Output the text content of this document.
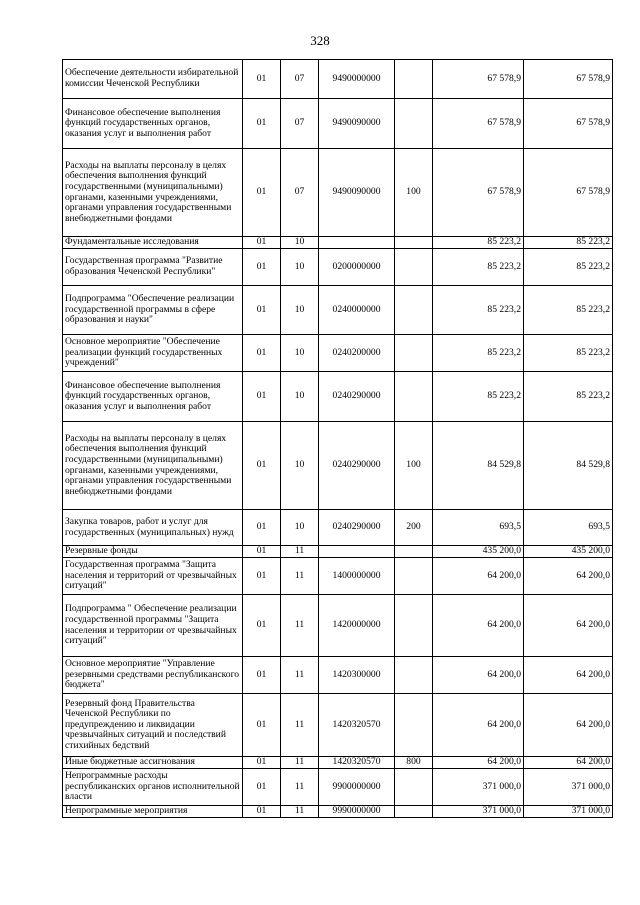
328
Обеспечение деятельности избирательной комиссии Чеченской Республики	01	07	9490000000		67 578,9	67 578,9
Финансовое обеспечение выполнения функций государственных органов, оказания услуг и выполнения работ	01	07	9490090000		67 578,9	67 578,9
Расходы на выплаты персоналу в целях обеспечения выполнения функций государственными (муниципальными) органами, казенными учреждениями, органами управления государственными внебюджетными фондами	01	07	9490090000	100	67 578,9	67 578,9
Фундаментальные исследования	01	10			85 223,2	85 223,2
Государственная программа "Развитие образования Чеченской Республики"	01	10	0200000000		85 223,2	85 223,2
Подпрограмма "Обеспечение реализации государственной программы в сфере образования и науки"	01	10	0240000000		85 223,2	85 223,2
Основное мероприятие "Обеспечение реализации функций государственных учреждений"	01	10	0240200000		85 223,2	85 223,2
Финансовое обеспечение выполнения функций государственных органов, оказания услуг и выполнения работ	01	10	0240290000		85 223,2	85 223,2
Расходы на выплаты персоналу в целях обеспечения выполнения функций государственными (муниципальными) органами, казенными учреждениями, органами управления государственными внебюджетными фондами	01	10	0240290000	100	84 529,8	84 529,8
Закупка товаров, работ и услуг для государственных (муниципальных) нужд	01	10	0240290000	200	693,5	693,5
Резервные фонды	01	11			435 200,0	435 200,0
Государственная программа "Защита населения и территорий от чрезвычайных ситуаций"	01	11	1400000000		64 200,0	64 200,0
Подпрограмма " Обеспечение реализации государственной программы "Защита населения и территории от чрезвычайных ситуаций"	01	11	1420000000		64 200,0	64 200,0
Основное мероприятие "Управление резервными средствами республиканского бюджета"	01	11	1420300000		64 200,0	64 200,0
Резервный фонд Правительства Чеченской Республики по предупреждению и ликвидации чрезвычайных ситуаций и последствий стихийных бедствий	01	11	1420320570		64 200,0	64 200,0
Иные бюджетные ассигнования	01	11	1420320570	800	64 200,0	64 200,0
Непрограммные расходы республиканских органов исполнительной власти	01	11	9900000000		371 000,0	371 000,0
Непрограммные мероприятия	01	11	9990000000		371 000,0	371 000,0
